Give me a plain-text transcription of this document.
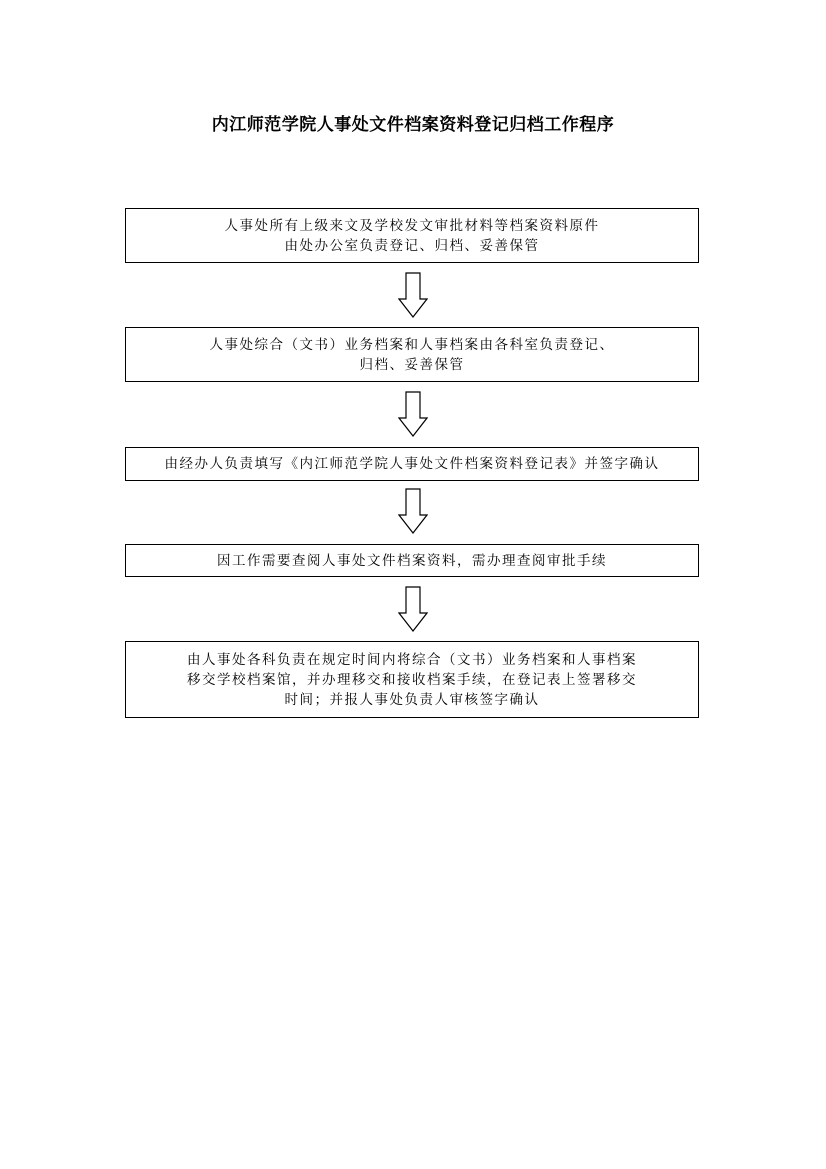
内江师范学院人事处文件档案资料登记归档工作程序
人事处所有上级来文及学校发文审批材料等档案资料原件
由处办公室负责登记、归档、妥善保管
人事处综合（文书）业务档案和人事档案由各科室负责登记、
归档、妥善保管
由经办人负责填写《内江师范学院人事处文件档案资料登记表》并签字确认
因工作需要查阅人事处文件档案资料，需办理查阅审批手续
由人事处各科负责在规定时间内将综合（文书）业务档案和人事档案
移交学校档案馆，并办理移交和接收档案手续，在登记表上签署移交
时间；并报人事处负责人审核签字确认
